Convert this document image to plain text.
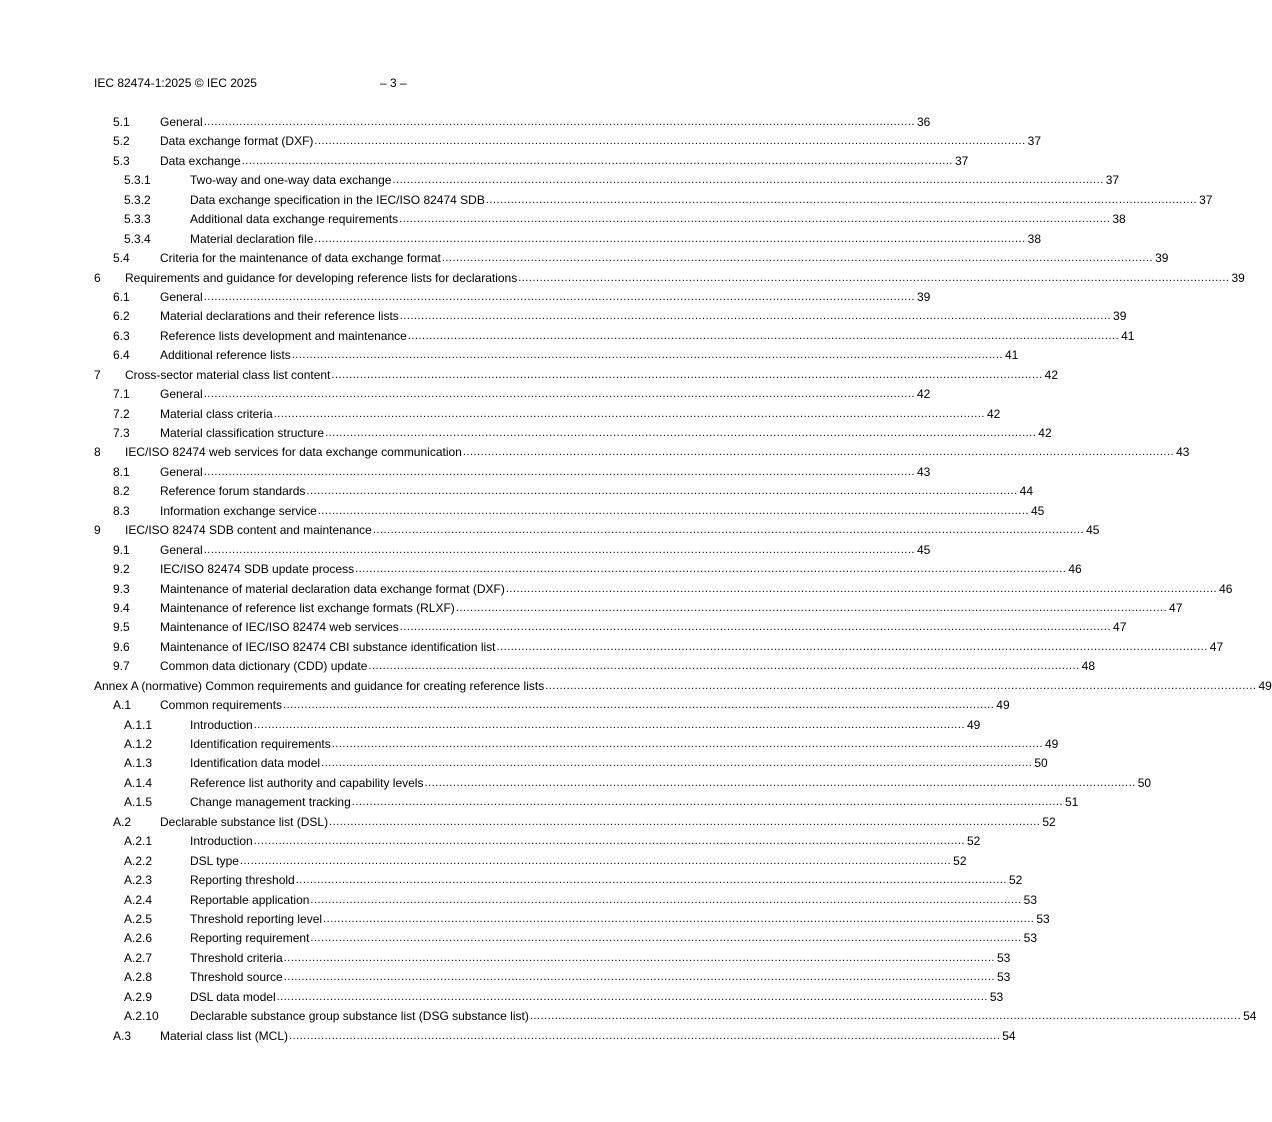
IEC 82474-1:2025 © IEC 2025	– 3 –
5.1	General ........................................................................................................................................................................................................ 36
5.2	Data exchange format (DXF) ........................................................................................................................................................................................................ 37
5.3	Data exchange ........................................................................................................................................................................................................ 37
5.3.1	Two-way and one-way data exchange ........................................................................................................................................................................................................ 37
5.3.2	Data exchange specification in the IEC/ISO 82474 SDB ........................................................................................................................................................................................................ 37
5.3.3	Additional data exchange requirements ........................................................................................................................................................................................................ 38
5.3.4	Material declaration file ........................................................................................................................................................................................................ 38
5.4	Criteria for the maintenance of data exchange format ........................................................................................................................................................................................................ 39
6 Requirements and guidance for developing reference lists for declarations ........................................................................................................................................................................................................ 39
6.1	General ........................................................................................................................................................................................................ 39
6.2	Material declarations and their reference lists ........................................................................................................................................................................................................ 39
6.3	Reference lists development and maintenance ........................................................................................................................................................................................................ 41
6.4	Additional reference lists ........................................................................................................................................................................................................ 41
7 Cross-sector material class list content ........................................................................................................................................................................................................ 42
7.1	General ........................................................................................................................................................................................................ 42
7.2	Material class criteria ........................................................................................................................................................................................................ 42
7.3	Material classification structure ........................................................................................................................................................................................................ 42
8 IEC/ISO 82474 web services for data exchange communication ........................................................................................................................................................................................................ 43
8.1	General ........................................................................................................................................................................................................ 43
8.2	Reference forum standards ........................................................................................................................................................................................................ 44
8.3	Information exchange service ........................................................................................................................................................................................................ 45
9 IEC/ISO 82474 SDB content and maintenance ........................................................................................................................................................................................................ 45
9.1	General ........................................................................................................................................................................................................ 45
9.2	IEC/ISO 82474 SDB update process ........................................................................................................................................................................................................ 46
9.3	Maintenance of material declaration data exchange format (DXF) ........................................................................................................................................................................................................ 46
9.4	Maintenance of reference list exchange formats (RLXF) ........................................................................................................................................................................................................ 47
9.5	Maintenance of IEC/ISO 82474 web services ........................................................................................................................................................................................................ 47
9.6	Maintenance of IEC/ISO 82474 CBI substance identification list ........................................................................................................................................................................................................ 47
9.7	Common data dictionary (CDD) update ........................................................................................................................................................................................................ 48
Annex A (normative) Common requirements and guidance for creating reference lists ........................................................................................................................................................................................................ 49
A.1 Common requirements ........................................................................................................................................................................................................ 49
A.1.1	Introduction ........................................................................................................................................................................................................ 49
A.1.2	Identification requirements ........................................................................................................................................................................................................ 49
A.1.3	Identification data model ........................................................................................................................................................................................................ 50
A.1.4	Reference list authority and capability levels ........................................................................................................................................................................................................ 50
A.1.5	Change management tracking ........................................................................................................................................................................................................ 51
A.2 Declarable substance list (DSL) ........................................................................................................................................................................................................ 52
A.2.1	Introduction ........................................................................................................................................................................................................ 52
A.2.2	DSL type ........................................................................................................................................................................................................ 52
A.2.3	Reporting threshold ........................................................................................................................................................................................................ 52
A.2.4	Reportable application ........................................................................................................................................................................................................ 53
A.2.5	Threshold reporting level ........................................................................................................................................................................................................ 53
A.2.6	Reporting requirement ........................................................................................................................................................................................................ 53
A.2.7	Threshold criteria ........................................................................................................................................................................................................ 53
A.2.8	Threshold source ........................................................................................................................................................................................................ 53
A.2.9	DSL data model ........................................................................................................................................................................................................ 53
A.2.10	Declarable substance group substance list (DSG substance list) ........................................................................................................................................................................................................ 54
A.3 Material class list (MCL) ........................................................................................................................................................................................................ 54
